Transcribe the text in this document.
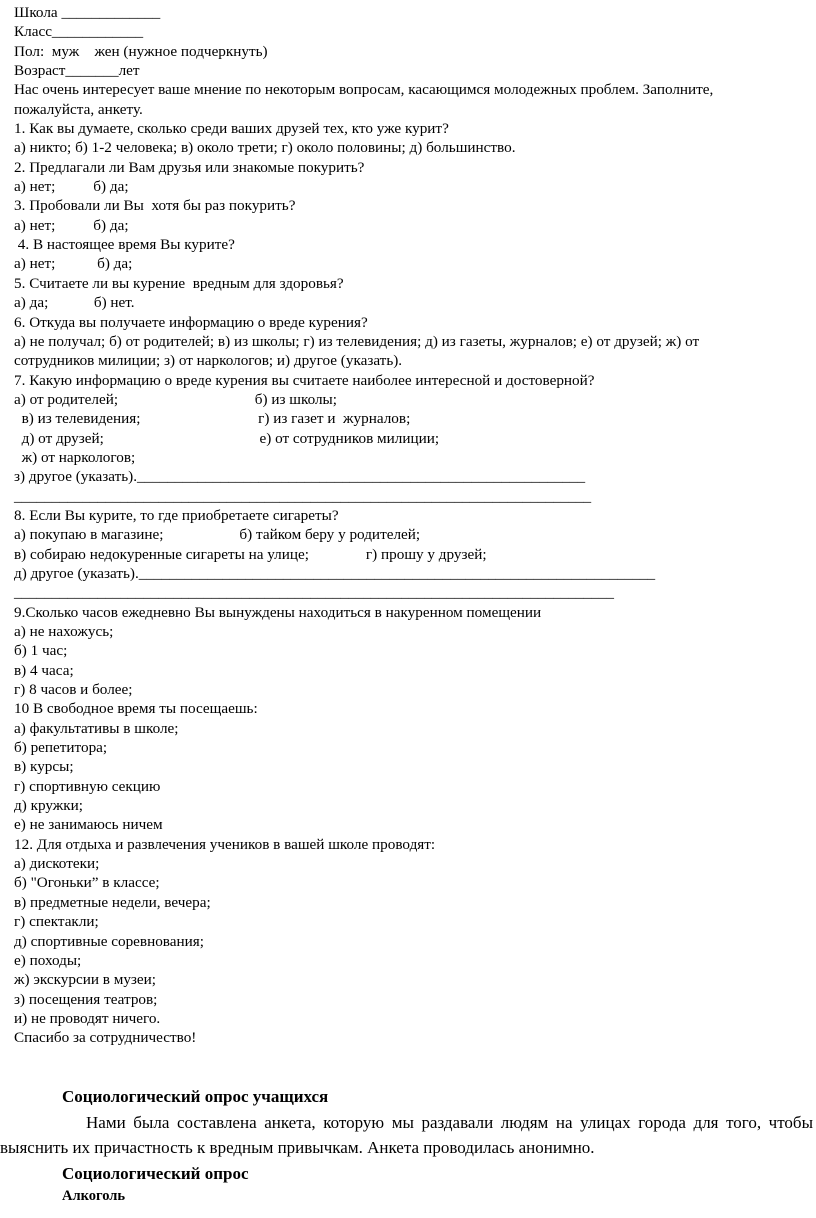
Школа _____________
Класс____________
Пол:  муж    жен (нужное подчеркнуть)
Возраст_______лет
Нас очень интересует ваше мнение по некоторым вопросам, касающимся молодежных проблем. Заполните,
пожалуйста, анкету.
1. Как вы думаете, сколько среди ваших друзей тех, кто уже курит?
а) никто; б) 1-2 человека; в) около трети; г) около половины; д) большинство.
2. Предлагали ли Вам друзья или знакомые покурить?
а) нет;          б) да;
3. Пробовали ли Вы  хотя бы раз покурить?
а) нет;          б) да;
4. В настоящее время Вы курите?
а) нет;           б) да;
5. Считаете ли вы курение  вредным для здоровья?
а) да;            б) нет.
6. Откуда вы получаете информацию о вреде курения?
а) не получал; б) от родителей; в) из школы; г) из телевидения; д) из газеты, журналов; е) от друзей; ж) от
сотрудников милиции; з) от наркологов; и) другое (указать).
7. Какую информацию о вреде курения вы считаете наиболее интересной и достоверной?
а) от родителей;                                    б) из школы;
в) из телевидения;                               г) из газет и  журналов;
д) от друзей;                                         е) от сотрудников милиции;
ж) от наркологов;
з) другое (указать).___________________________________________________________
____________________________________________________________________________
8. Если Вы курите, то где приобретаете сигареты?
а) покупаю в магазине;                    б) тайком беру у родителей;
в) собираю недокуренные сигареты на улице;               г) прошу у друзей;
д) другое (указать).____________________________________________________________________
_______________________________________________________________________________
9.Сколько часов ежедневно Вы вынуждены находиться в накуренном помещении
а) не нахожусь;
б) 1 час;
в) 4 часа;
г) 8 часов и более;
10 В свободное время ты посещаешь:
а) факультативы в школе;
б) репетитора;
в) курсы;
г) спортивную секцию
д) кружки;
е) не занимаюсь ничем
12. Для отдыха и развлечения учеников в вашей школе проводят:
а) дискотеки;
б) "Огоньки” в классе;
в) предметные недели, вечера;
г) спектакли;
д) спортивные соревнования;
е) походы;
ж) экскурсии в музеи;
з) посещения театров;
и) не проводят ничего.
Спасибо за сотрудничество!
Социологический опрос учащихся
Нами была составлена анкета, которую мы раздавали людям на улицах города для того, чтобы выяснить их причастность к вредным привычкам. Анкета проводилась анонимно.
Социологический опрос
Алкоголь
